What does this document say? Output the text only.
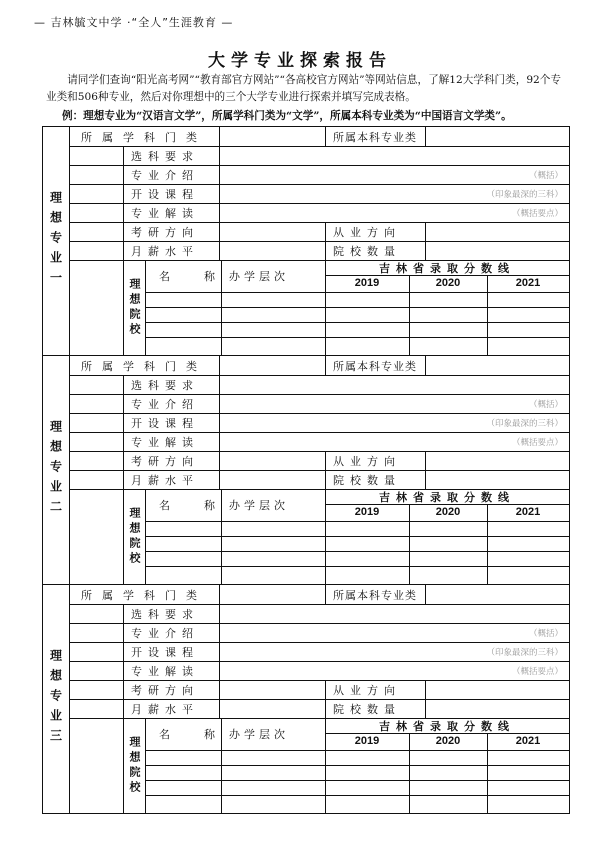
— 吉林毓文中学 ·“全人”生涯教育 —
大学专业探索报告
请同学们查询“阳光高考网”“教育部官方网站”“各高校官方网站”等网站信息，了解12大学科门类，92个专业类和506种专业，然后对你理想中的三个大学专业进行探索并填写完成表格。
例：理想专业为“汉语言文学”，所属学科门类为“文学”，所属本科专业类为“中国语言文学类”。
理想专业一
所属学科门类	所属本科专业类
选科要求
专业介绍	（概括）
开设课程	（印象最深的三科）
专业解读	（概括要点）
考研方向	从业方向
月薪水平	院校数量
理想院校
名　　称 办学层次
吉林省录取分数线
2019	2020	2021
理想专业二
所属学科门类	所属本科专业类
选科要求
专业介绍	（概括）
开设课程	（印象最深的三科）
专业解读	（概括要点）
考研方向	从业方向
月薪水平	院校数量
理想院校
名　　称 办学层次
吉林省录取分数线
2019	2020	2021
理想专业三
所属学科门类	所属本科专业类
选科要求
专业介绍	（概括）
开设课程	（印象最深的三科）
专业解读	（概括要点）
考研方向	从业方向
月薪水平	院校数量
理想院校
名　　称 办学层次
吉林省录取分数线
2019	2020	2021
